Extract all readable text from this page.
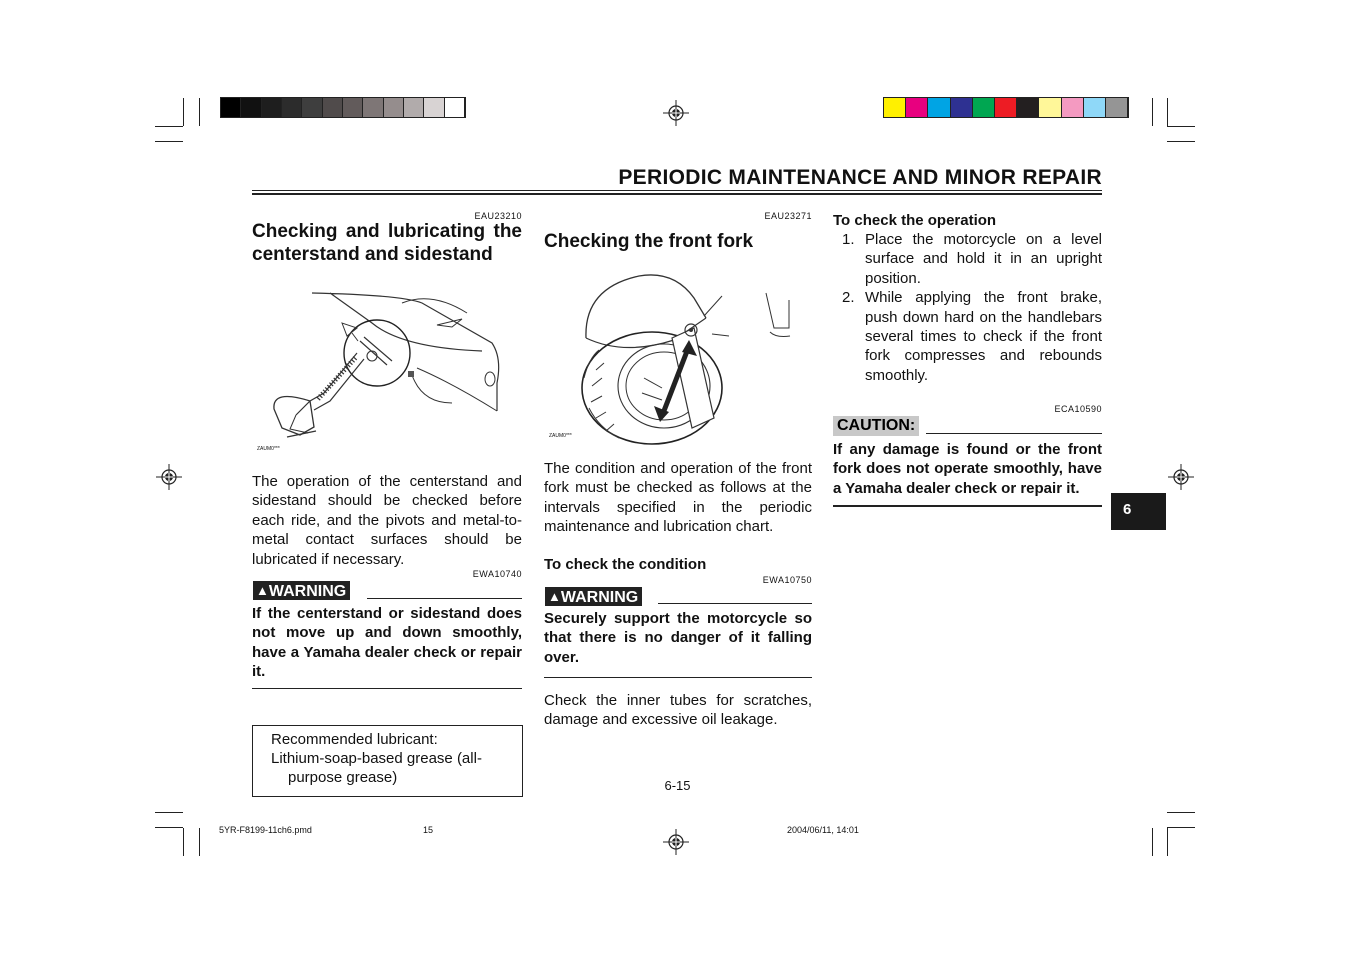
PERIODIC MAINTENANCE AND MINOR REPAIR
EAU23210
Checking and lubricating the
centerstand and sidestand
ZAUM0***
The operation of the centerstand and sidestand should be checked before each ride, and the pivots and metal-to-metal contact surfaces should be lubricated if necessary.
EWA10740
▲WARNING
If the centerstand or sidestand does not move up and down smoothly, have a Yamaha dealer check or repair it.
Recommended lubricant:
Lithium-soap-based grease (all-purpose grease)
EAU23271
Checking the front fork
ZAUM0***
The condition and operation of the front fork must be checked as follows at the intervals specified in the periodic maintenance and lubrication chart.
To check the condition
EWA10750
▲WARNING
Securely support the motorcycle so that there is no danger of it falling over.
Check the inner tubes for scratches, damage and excessive oil leakage.
6-15
To check the operation
1. Place the motorcycle on a level surface and hold it in an upright position.
2. While applying the front brake, push down hard on the handlebars several times to check if the front fork compresses and rebounds smoothly.
ECA10590
CAUTION:
If any damage is found or the front fork does not operate smoothly, have a Yamaha dealer check or repair it.
6
5YR-F8199-11ch6.pmd	15	2004/06/11, 14:01
